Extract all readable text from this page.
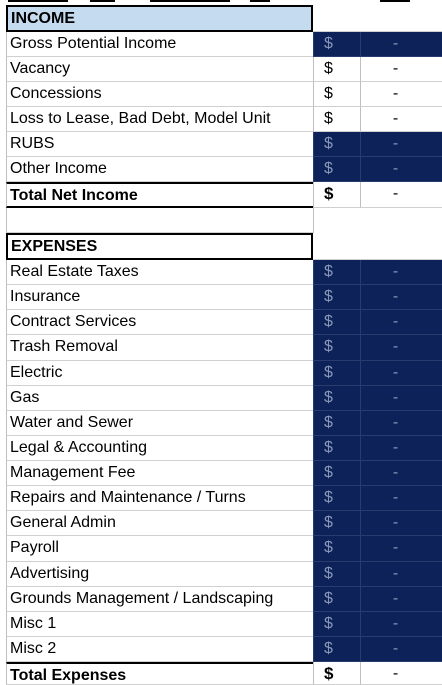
INCOME
Gross Potential Income	$	-
Vacancy	$	-
Concessions	$	-
Loss to Lease, Bad Debt, Model Unit	$	-
RUBS	$	-
Other Income	$	-
Total Net Income	$	-
EXPENSES
Real Estate Taxes	$	-
Insurance	$	-
Contract Services	$	-
Trash Removal	$	-
Electric	$	-
Gas	$	-
Water and Sewer	$	-
Legal & Accounting	$	-
Management Fee	$	-
Repairs and Maintenance / Turns	$	-
General Admin	$	-
Payroll	$	-
Advertising	$	-
Grounds Management / Landscaping	$	-
Misc 1	$	-
Misc 2	$	-
Total Expenses	$	-
